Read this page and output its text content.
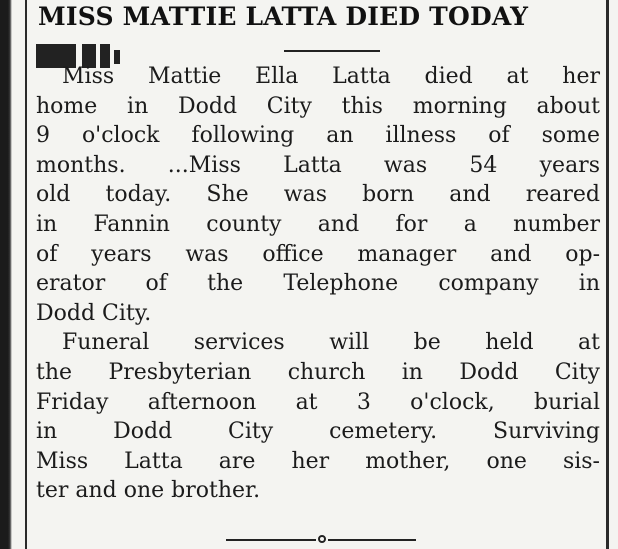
MISS MATTIE LATTA DIED TODAY
Miss Mattie Ella Latta died at her
home in Dodd City this morning about
9 o'clock following an illness of some
months. ...Miss Latta was 54 years
old today. She was born and reared
in Fannin county and for a number
of years was office manager and op-
erator of the Telephone company in
Dodd City.
Funeral services will be held at
the Presbyterian church in Dodd City
Friday afternoon at 3 o'clock, burial
in Dodd City cemetery. Surviving
Miss Latta are her mother, one sis-
ter and one brother.
